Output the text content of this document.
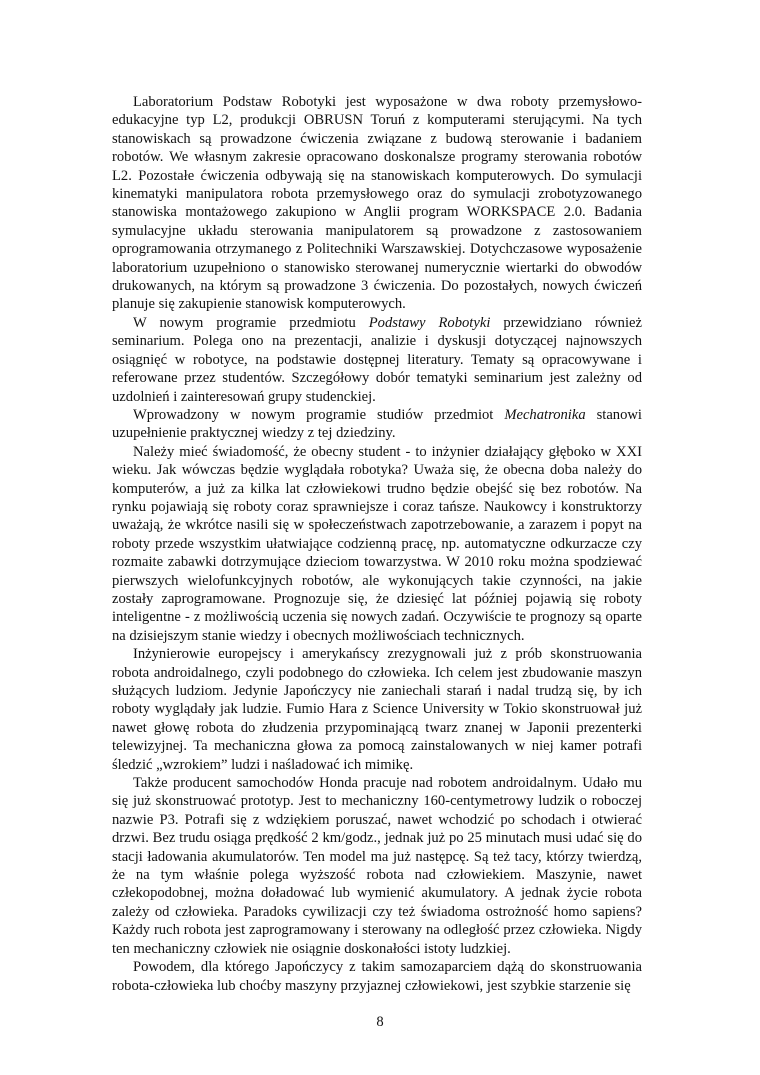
Laboratorium Podstaw Robotyki jest wyposażone w dwa roboty przemysłowo-edukacyjne typ L2, produkcji OBRUSN Toruń z komputerami sterującymi. Na tych stanowiskach są prowadzone ćwiczenia związane z budową sterowanie i badaniem robotów. We własnym zakresie opracowano doskonalsze programy sterowania robotów L2. Pozostałe ćwiczenia odbywają się na stanowiskach komputerowych. Do symulacji kinematyki manipulatora robota przemysłowego oraz do symulacji zrobotyzowanego stanowiska montażowego zakupiono w Anglii program WORKSPACE 2.0. Badania symulacyjne układu sterowania manipulatorem są prowadzone z zastosowaniem oprogramowania otrzymanego z Politechniki Warszawskiej. Dotychczasowe wyposażenie laboratorium uzupełniono o stanowisko sterowanej numerycznie wiertarki do obwodów drukowanych, na którym są prowadzone 3 ćwiczenia. Do pozostałych, nowych ćwiczeń planuje się zakupienie stanowisk komputerowych.

W nowym programie przedmiotu Podstawy Robotyki przewidziano również seminarium. Polega ono na prezentacji, analizie i dyskusji dotyczącej najnowszych osiągnięć w robotyce, na podstawie dostępnej literatury. Tematy są opracowywane i referowane przez studentów. Szczegółowy dobór tematyki seminarium jest zależny od uzdolnień i zainteresowań grupy studenckiej.

Wprowadzony w nowym programie studiów przedmiot Mechatronika stanowi uzupełnienie praktycznej wiedzy z tej dziedziny.

Należy mieć świadomość, że obecny student - to inżynier działający głęboko w XXI wieku. Jak wówczas będzie wyglądała robotyka? Uważa się, że obecna doba należy do komputerów, a już za kilka lat człowiekowi trudno będzie obejść się bez robotów. Na rynku pojawiają się roboty coraz sprawniejsze i coraz tańsze. Naukowcy i konstruktorzy uważają, że wkrótce nasili się w społeczeństwach zapotrzebowanie, a zarazem i popyt na roboty przede wszystkim ułatwiające codzienną pracę, np. automatyczne odkurzacze czy rozmaite zabawki dotrzymujące dzieciom towarzystwa. W 2010 roku można spodziewać pierwszych wielofunkcyjnych robotów, ale wykonujących takie czynności, na jakie zostały zaprogramowane. Prognozuje się, że dziesięć lat później pojawią się roboty inteligentne - z możliwością uczenia się nowych zadań. Oczywiście te prognozy są oparte na dzisiejszym stanie wiedzy i obecnych możliwościach technicznych.

Inżynierowie europejscy i amerykańscy zrezygnowali już z prób skonstruowania robota androidalnego, czyli podobnego do człowieka. Ich celem jest zbudowanie maszyn służących ludziom. Jedynie Japończycy nie zaniechali starań i nadal trudzą się, by ich roboty wyglądały jak ludzie. Fumio Hara z Science University w Tokio skonstruował już nawet głowę robota do złudzenia przypominającą twarz znanej w Japonii prezenterki telewizyjnej. Ta mechaniczna głowa za pomocą zainstalowanych w niej kamer potrafi śledzić „wzrokiem” ludzi i naśladować ich mimikę.

Także producent samochodów Honda pracuje nad robotem androidalnym. Udało mu się już skonstruować prototyp. Jest to mechaniczny 160-centymetrowy ludzik o roboczej nazwie P3. Potrafi się z wdziękiem poruszać, nawet wchodzić po schodach i otwierać drzwi. Bez trudu osiąga prędkość 2 km/godz., jednak już po 25 minutach musi udać się do stacji ładowania akumulatorów. Ten model ma już następcę. Są też tacy, którzy twierdzą, że na tym właśnie polega wyższość robota nad człowiekiem. Maszynie, nawet człekopodobnej, można doładować lub wymienić akumulatory. A jednak życie robota zależy od człowieka. Paradoks cywilizacji czy też świadoma ostrożność homo sapiens? Każdy ruch robota jest zaprogramowany i sterowany na odległość przez człowieka. Nigdy ten mechaniczny człowiek nie osiągnie doskonałości istoty ludzkiej.

Powodem, dla którego Japończycy z takim samozaparciem dążą do skonstruowania robota-człowieka lub choćby maszyny przyjaznej człowiekowi, jest szybkie starzenie się

8
